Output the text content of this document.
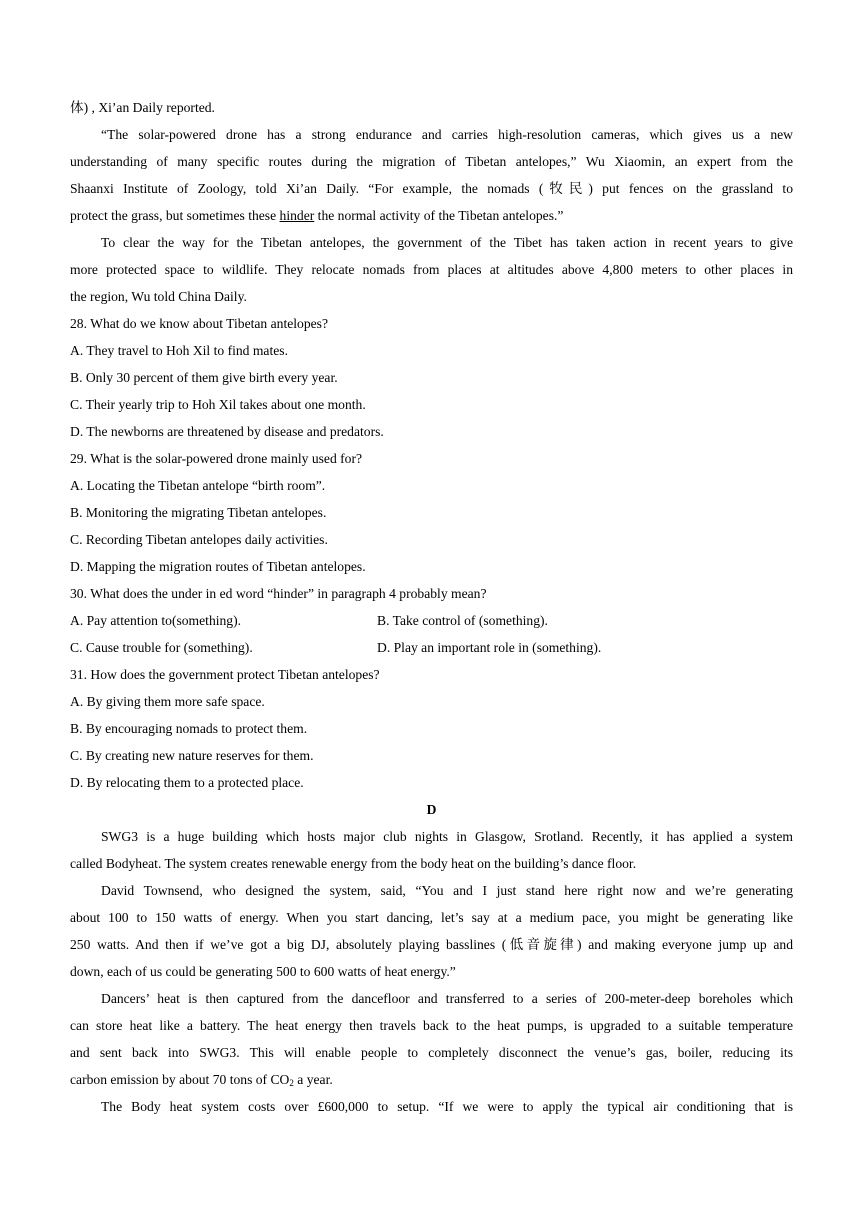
体) , Xi’an Daily reported.
“The solar-powered drone has a strong endurance and carries high-resolution cameras, which gives us a new
understanding of many specific routes during the migration of Tibetan antelopes,” Wu Xiaomin, an expert from the
Shaanxi Institute of Zoology, told Xi’an Daily. “For example, the nomads (牧民) put fences on the grassland to
protect the grass, but sometimes these hinder the normal activity of the Tibetan antelopes.”
To clear the way for the Tibetan antelopes, the government of the Tibet has taken action in recent years to give
more protected space to wildlife. They relocate nomads from places at altitudes above 4,800 meters to other places in
the region, Wu told China Daily.
28. What do we know about Tibetan antelopes?
A. They travel to Hoh Xil to find mates.
B. Only 30 percent of them give birth every year.
C. Their yearly trip to Hoh Xil takes about one month.
D. The newborns are threatened by disease and predators.
29. What is the solar-powered drone mainly used for?
A. Locating the Tibetan antelope “birth room”.
B. Monitoring the migrating Tibetan antelopes.
C. Recording Tibetan antelopes daily activities.
D. Mapping the migration routes of Tibetan antelopes.
30. What does the under in ed word “hinder” in paragraph 4 probably mean?
A. Pay attention to(something).	B. Take control of (something).
C. Cause trouble for (something).	D. Play an important role in (something).
31. How does the government protect Tibetan antelopes?
A. By giving them more safe space.
B. By encouraging nomads to protect them.
C. By creating new nature reserves for them.
D. By relocating them to a protected place.
D
SWG3 is a huge building which hosts major club nights in Glasgow, Srotland. Recently, it has applied a system
called Bodyheat. The system creates renewable energy from the body heat on the building’s dance floor.
David Townsend, who designed the system, said, “You and I just stand here right now and we’re generating
about 100 to 150 watts of energy. When you start dancing, let’s say at a medium pace, you might be generating like
250 watts. And then if we’ve got a big DJ, absolutely playing basslines (低音旋律) and making everyone jump up and
down, each of us could be generating 500 to 600 watts of heat energy.”
Dancers’ heat is then captured from the dancefloor and transferred to a series of 200-meter-deep boreholes which
can store heat like a battery. The heat energy then travels back to the heat pumps, is upgraded to a suitable temperature
and sent back into SWG3. This will enable people to completely disconnect the venue’s gas, boiler, reducing its
carbon emission by about 70 tons of $CO_2$ a year.
The Body heat system costs over £600,000 to setup. “If we were to apply the typical air conditioning that is
